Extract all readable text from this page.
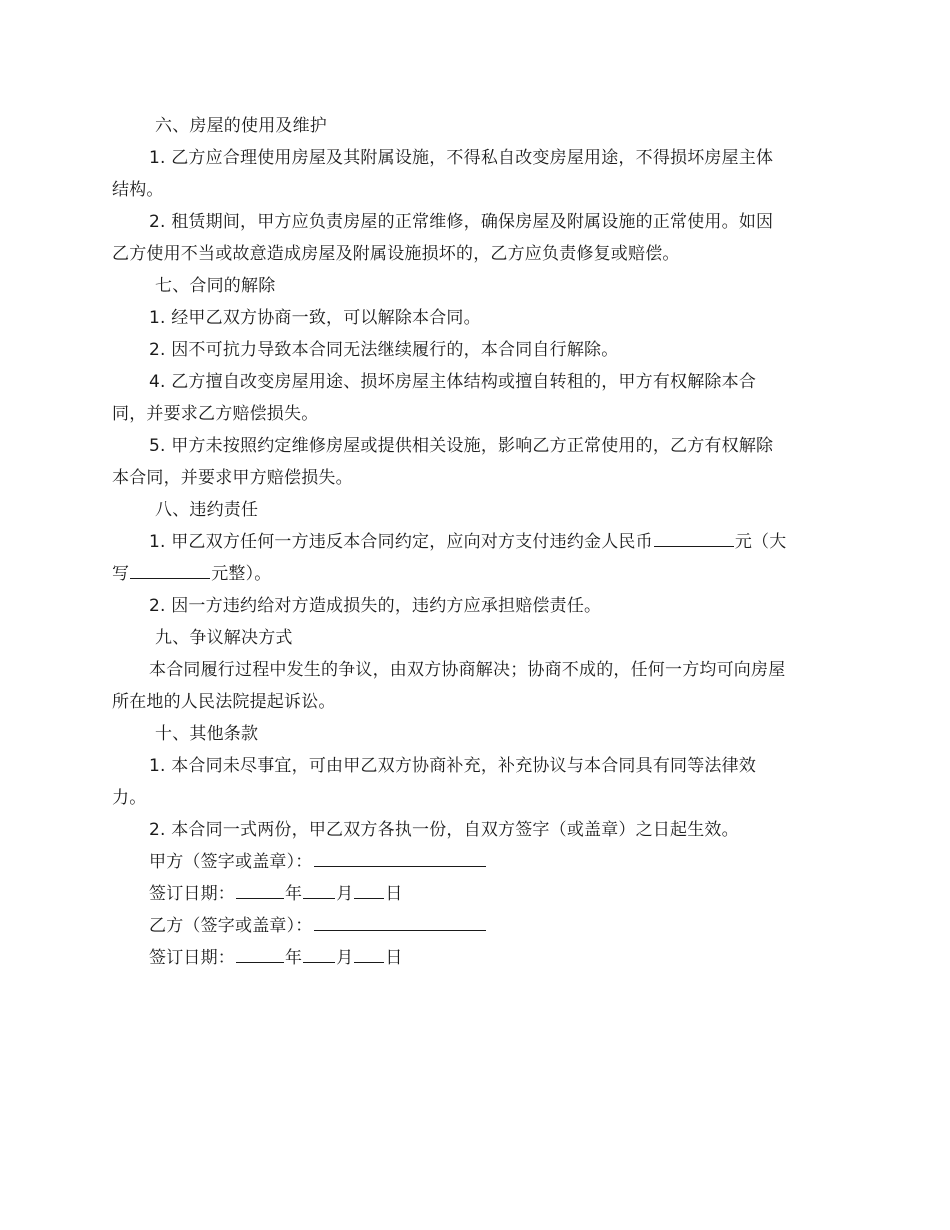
六、房屋的使用及维护
1. 乙方应合理使用房屋及其附属设施，不得私自改变房屋用途，不得损坏房屋主体
结构。
2. 租赁期间，甲方应负责房屋的正常维修，确保房屋及附属设施的正常使用。如因
乙方使用不当或故意造成房屋及附属设施损坏的，乙方应负责修复或赔偿。
七、合同的解除
1. 经甲乙双方协商一致，可以解除本合同。
2. 因不可抗力导致本合同无法继续履行的，本合同自行解除。
4. 乙方擅自改变房屋用途、损坏房屋主体结构或擅自转租的，甲方有权解除本合
同，并要求乙方赔偿损失。
5. 甲方未按照约定维修房屋或提供相关设施，影响乙方正常使用的，乙方有权解除
本合同，并要求甲方赔偿损失。
八、违约责任
1. 甲乙双方任何一方违反本合同约定，应向对方支付违约金人民币	元（大
写	元整）。
2. 因一方违约给对方造成损失的，违约方应承担赔偿责任。
九、争议解决方式
本合同履行过程中发生的争议，由双方协商解决；协商不成的，任何一方均可向房屋
所在地的人民法院提起诉讼。
十、其他条款
1. 本合同未尽事宜，可由甲乙双方协商补充，补充协议与本合同具有同等法律效
力。
2. 本合同一式两份，甲乙双方各执一份，自双方签字（或盖章）之日起生效。
甲方（签字或盖章）：
签订日期：	年 月 日
乙方（签字或盖章）：
签订日期：	年 月 日
